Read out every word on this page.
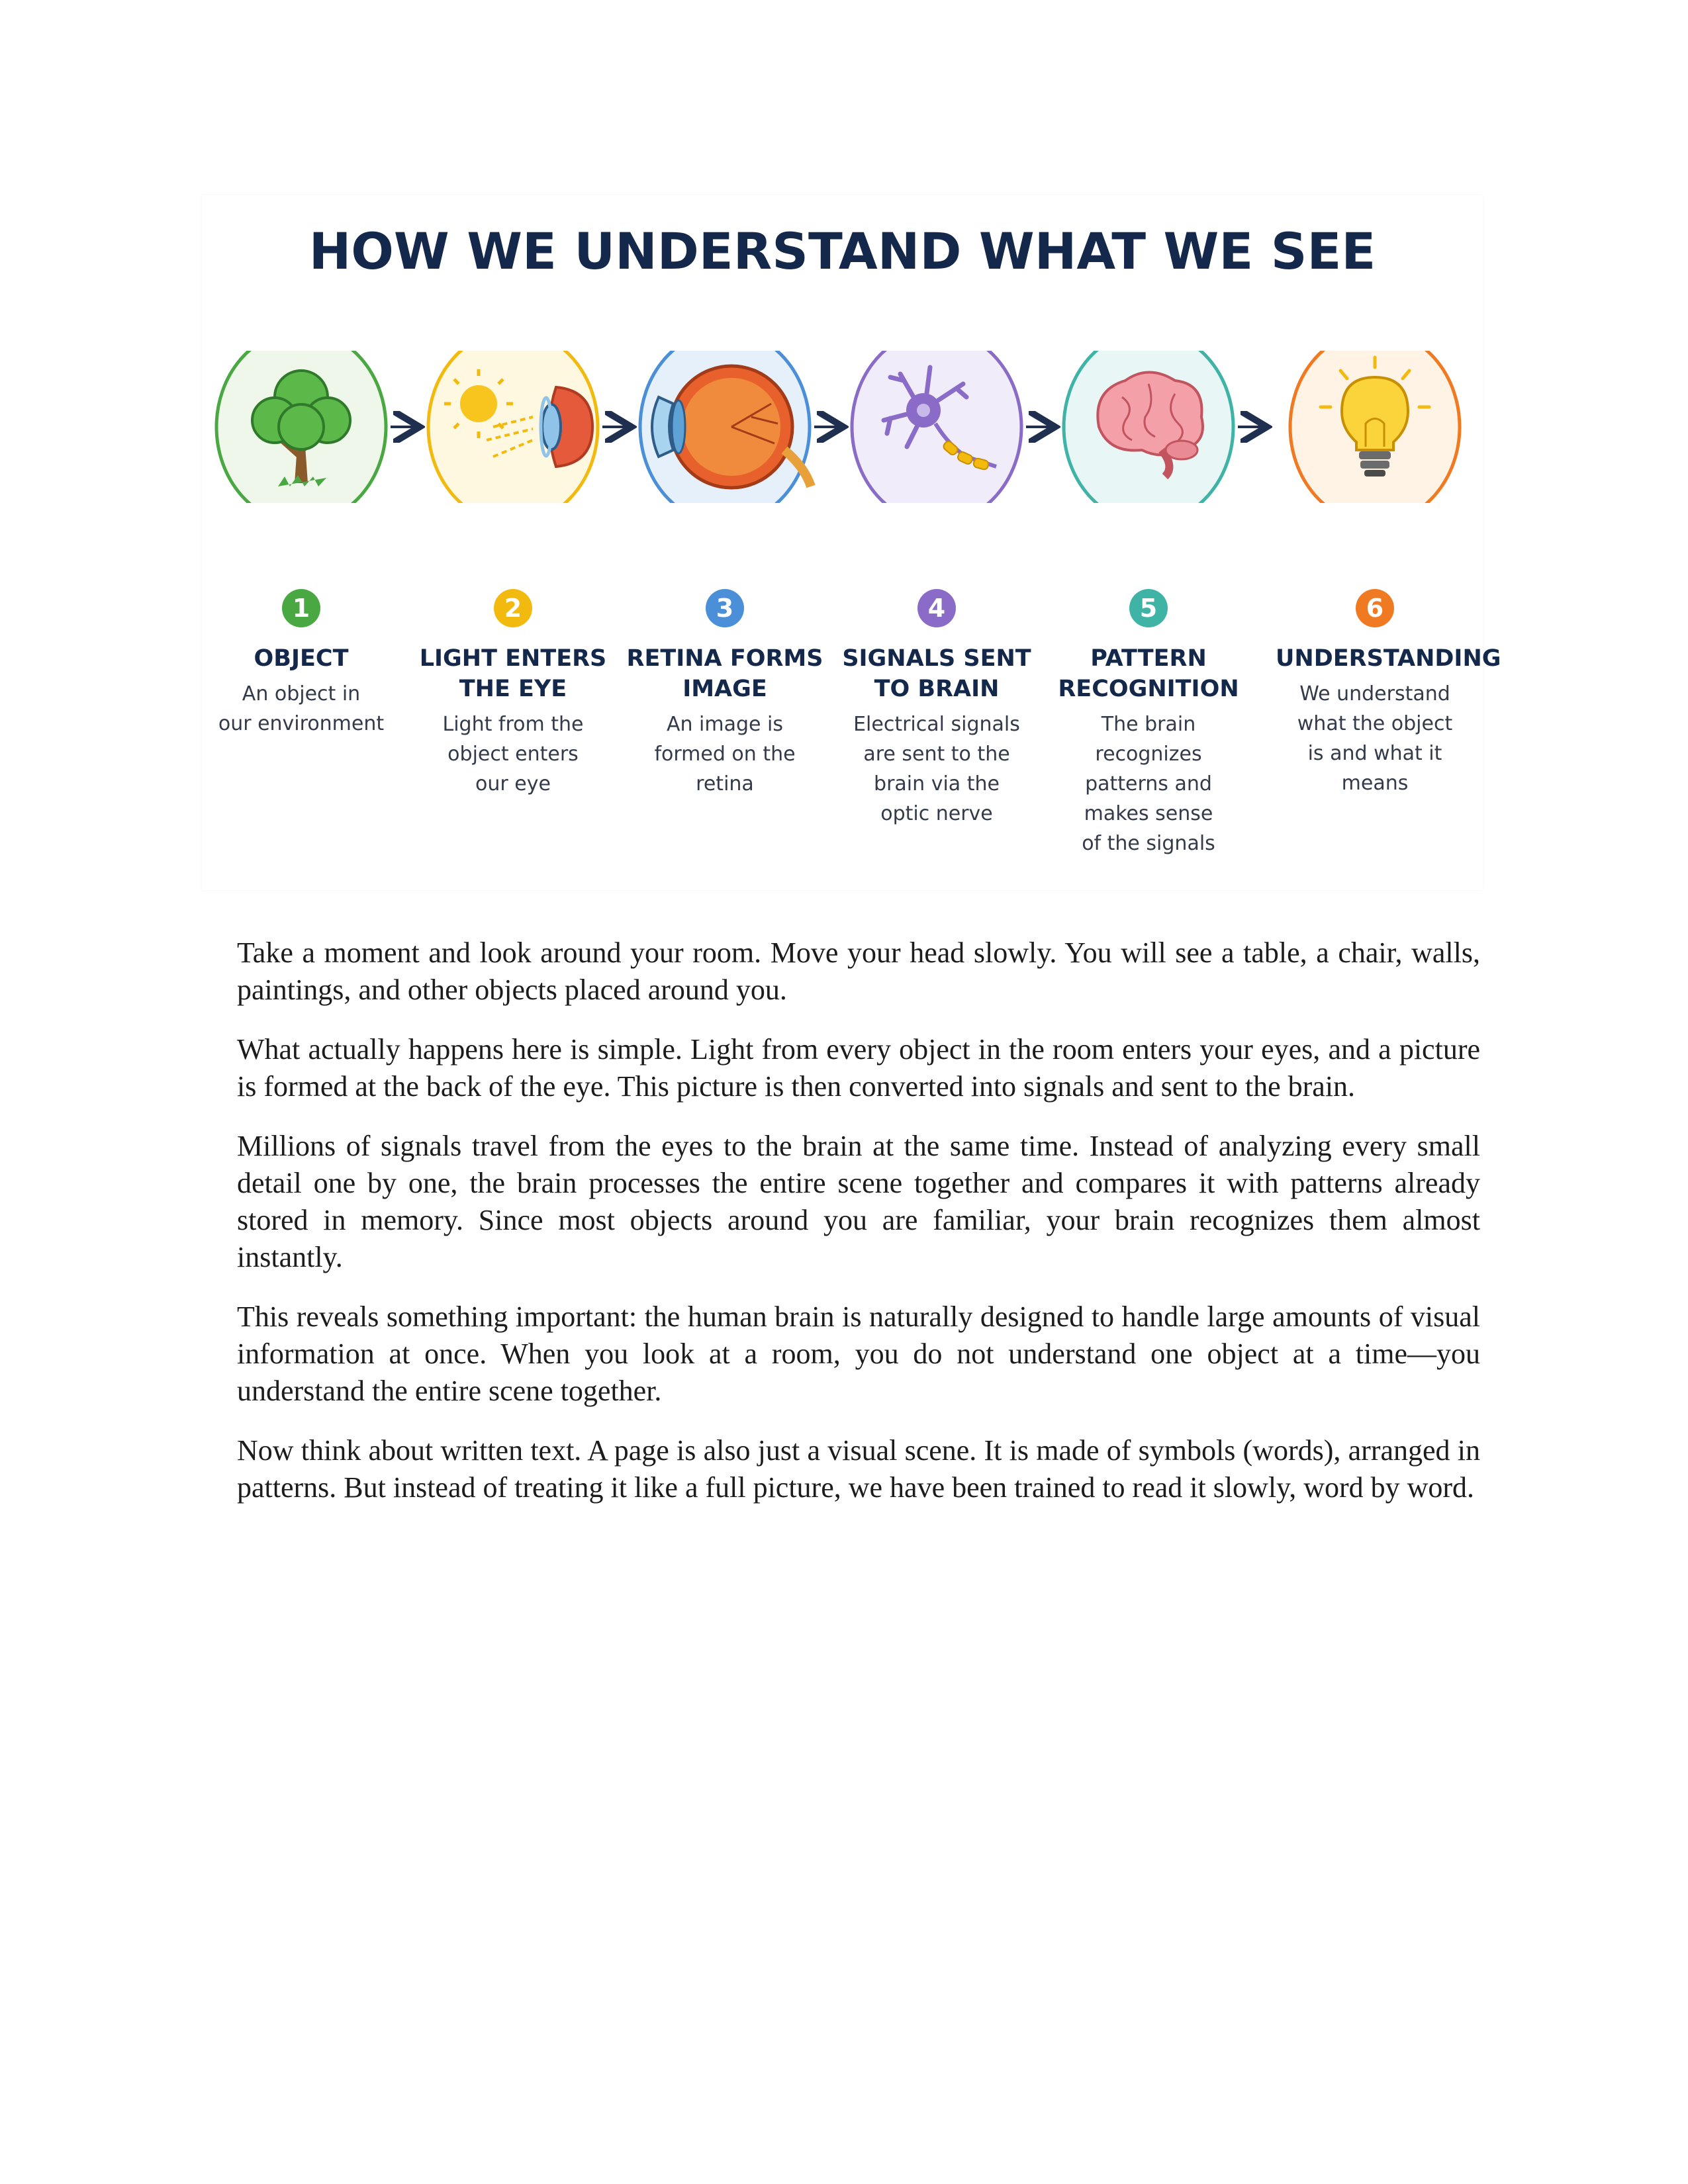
HOW WE UNDERSTAND WHAT WE SEE
1
OBJECT
An object in
our environment
2
LIGHT ENTERS
THE EYE
Light from the
object enters
our eye
3
RETINA FORMS
IMAGE
An image is
formed on the
retina
4
SIGNALS SENT
TO BRAIN
Electrical signals
are sent to the
brain via the
optic nerve
5
PATTERN
RECOGNITION
The brain
recognizes
patterns and
makes sense
of the signals
6
UNDERSTANDING
We understand
what the object
is and what it
means

Take a moment and look around your room. Move your head slowly. You will see a table, a chair, walls, paintings, and other objects placed around you.

What actually happens here is simple. Light from every object in the room enters your eyes, and a picture is formed at the back of the eye. This picture is then converted into signals and sent to the brain.

Millions of signals travel from the eyes to the brain at the same time. Instead of analyzing every small detail one by one, the brain processes the entire scene together and compares it with patterns already stored in memory. Since most objects around you are familiar, your brain recognizes them almost instantly.

This reveals something important: the human brain is naturally designed to handle large amounts of visual information at once. When you look at a room, you do not understand one object at a time—you understand the entire scene together.

Now think about written text. A page is also just a visual scene. It is made of symbols (words), arranged in patterns. But instead of treating it like a full picture, we have been trained to read it slowly, word by word.
